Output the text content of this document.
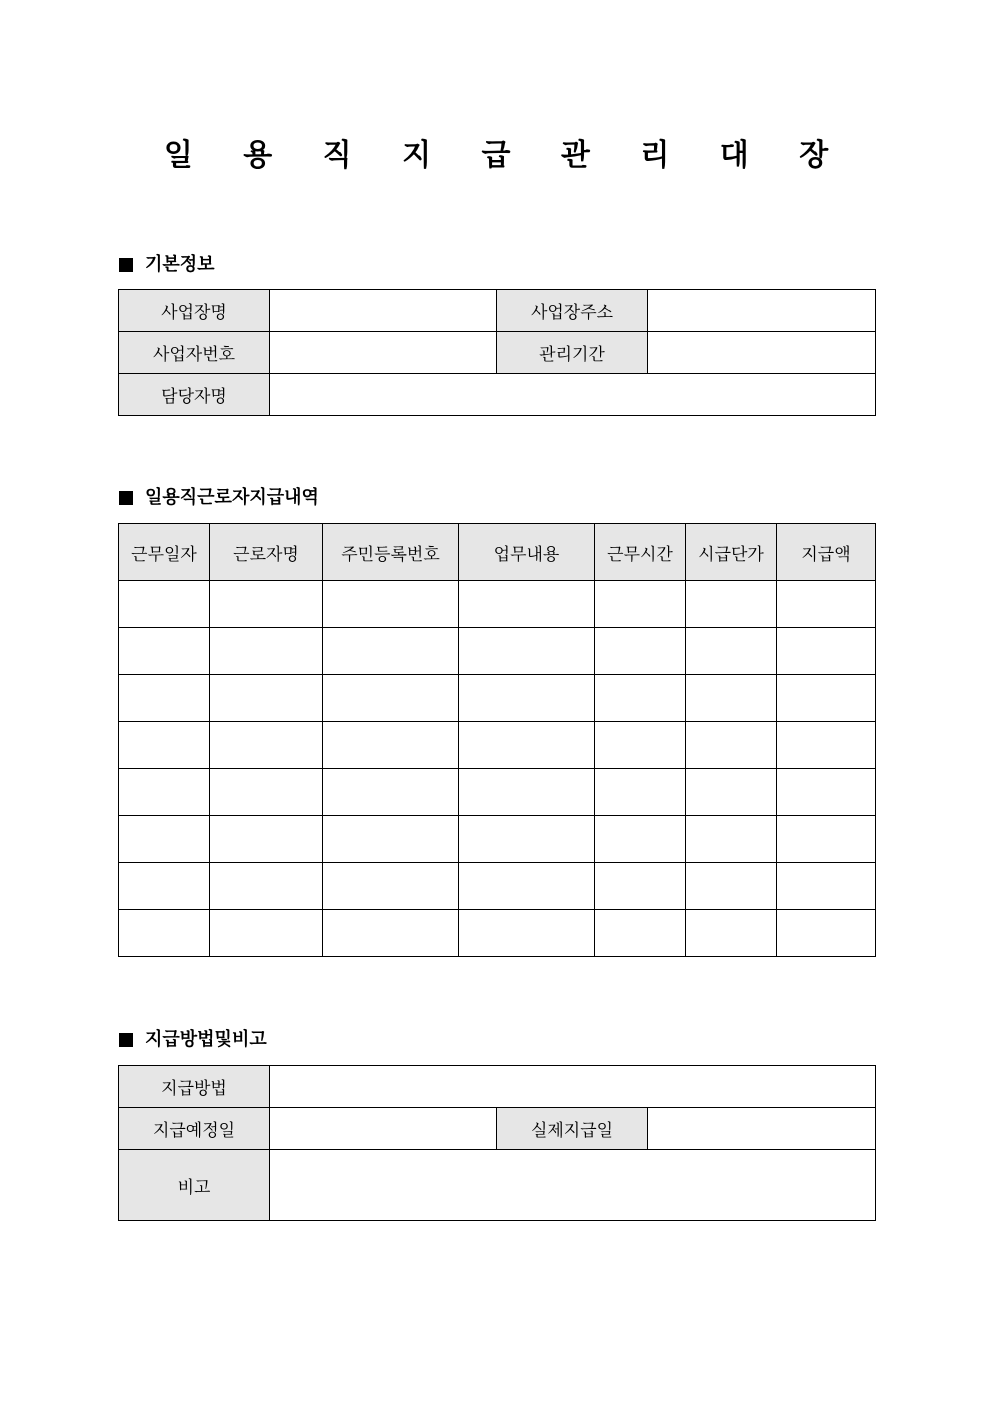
일 용 직 지 급 관 리 대 장
기본정보
사업장명		사업장주소	
사업자번호		관리기간	
담당자명			
일용직근로자지급내역
근무일자	근로자명	주민등록번호	업무내용	근무시간	시급단가	지급액

지급방법및비고
지급방법			
지급예정일		실제지급일	
비고			
